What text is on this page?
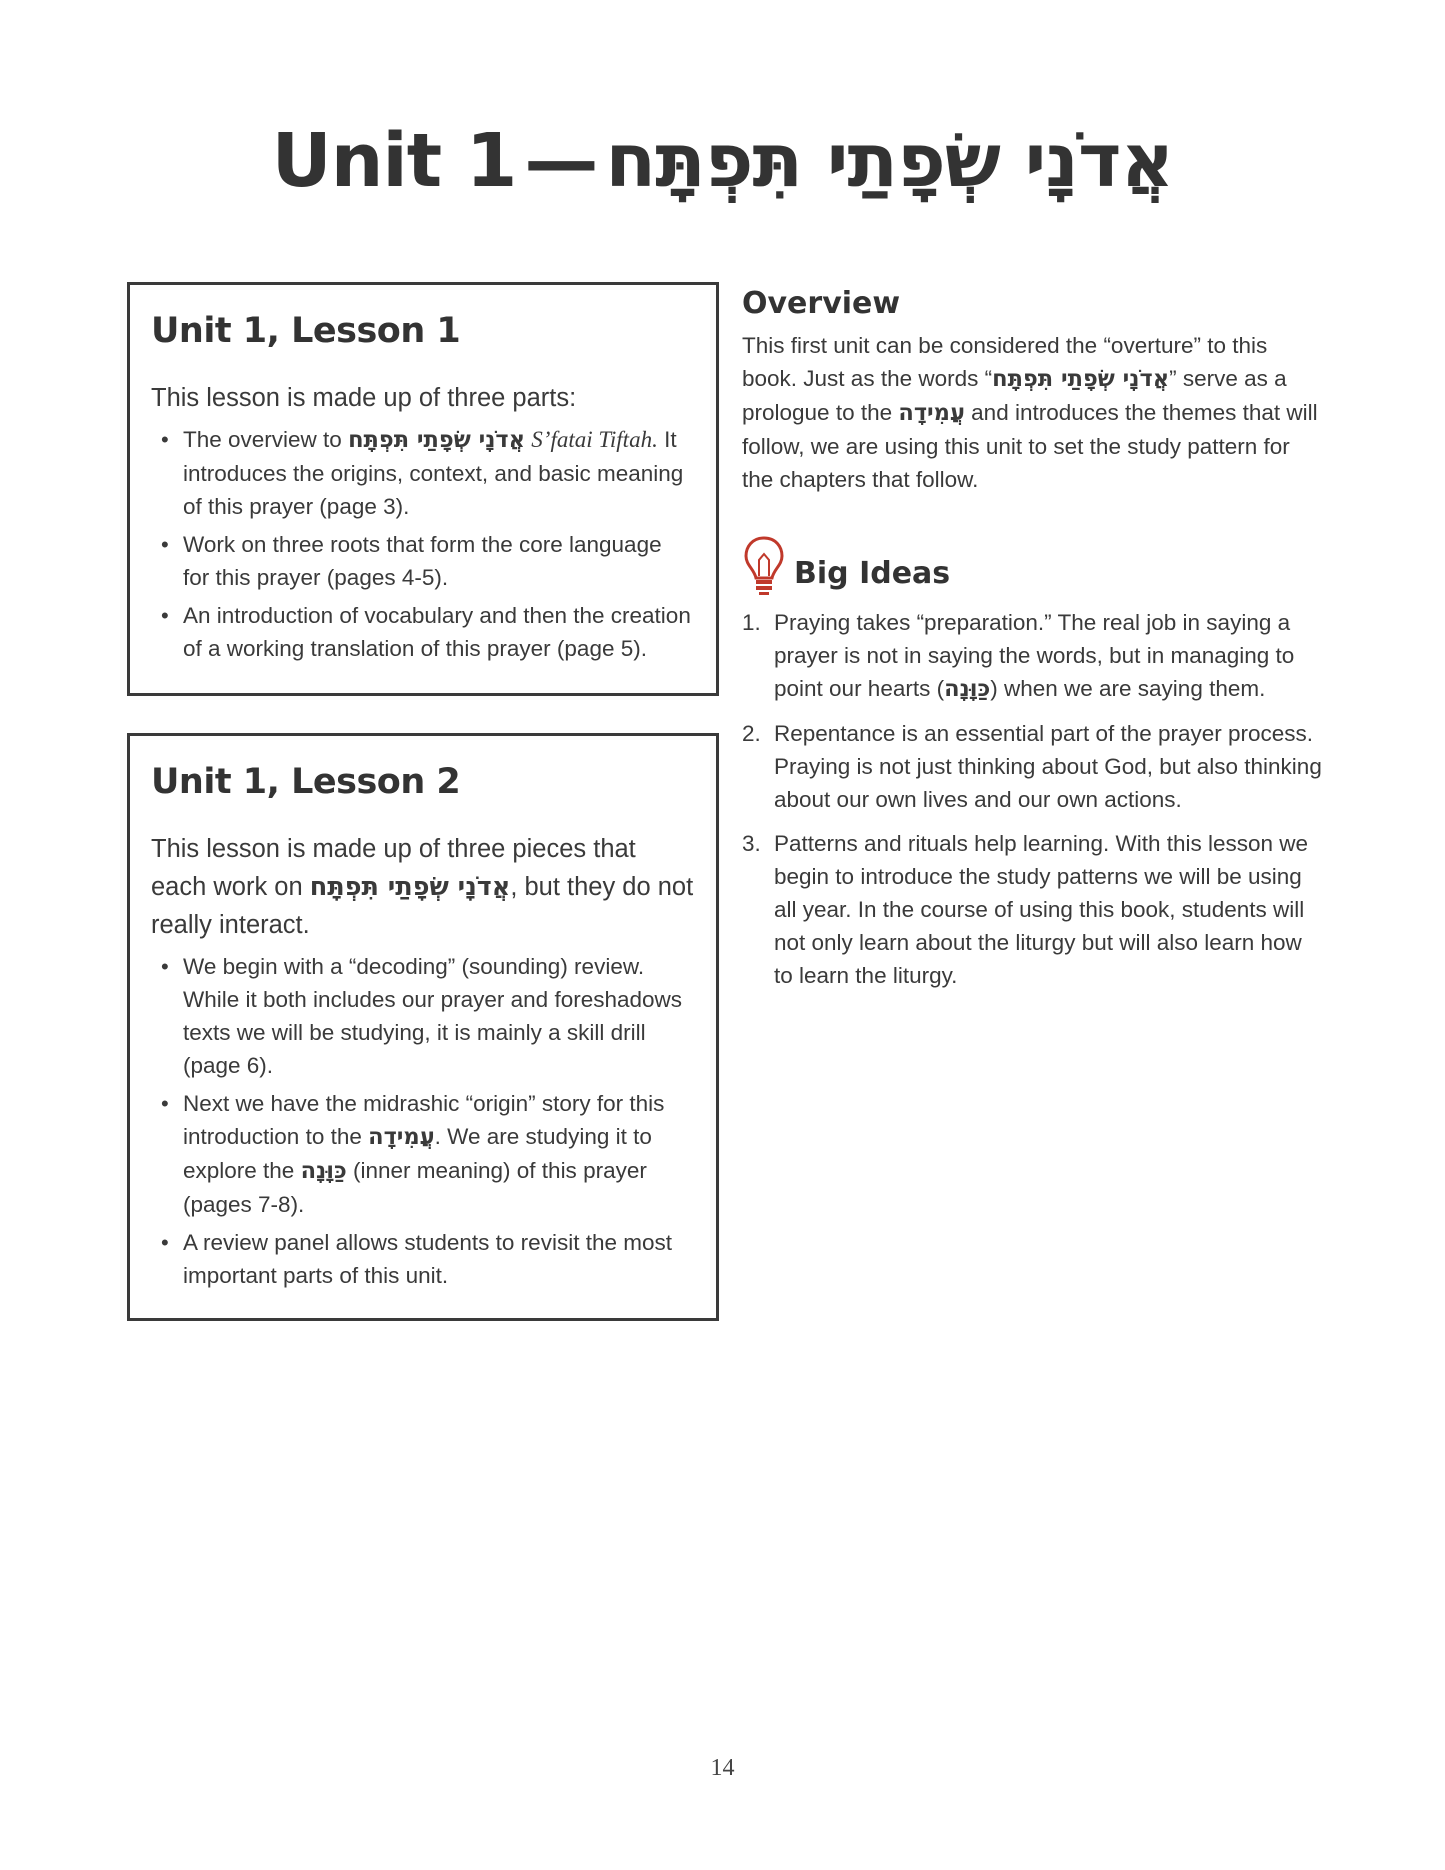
Unit 1 — אֲדֹנָי שְׂפָתַי תִּפְתָּח
Unit 1, Lesson 1

This lesson is made up of three parts:

• The overview to אֲדֹנָי שְׂפָתַי תִּפְתָּח S’fatai Tiftah. It introduces the origins, context, and basic meaning of this prayer (page 3).
• Work on three roots that form the core language for this prayer (pages 4-5).
• An introduction of vocabulary and then the creation of a working translation of this prayer (page 5).
Unit 1, Lesson 2

This lesson is made up of three pieces that each work on אֲדֹנָי שְׂפָתַי תִּפְתָּח, but they do not really interact.

• We begin with a “decoding” (sounding) review. While it both includes our prayer and foreshadows texts we will be studying, it is mainly a skill drill (page 6).
• Next we have the midrashic “origin” story for this introduction to the עֲמִידָה. We are studying it to explore the כַּוָּנָה (inner meaning) of this prayer (pages 7-8).
• A review panel allows students to revisit the most important parts of this unit.
Overview

This first unit can be considered the “overture” to this book. Just as the words “אֲדֹנָי שְׂפָתַי תִּפְתָּח” serve as a prologue to the עֲמִידָה and introduces the themes that will follow, we are using this unit to set the study pattern for the chapters that follow.

Big Ideas
1. Praying takes “preparation.” The real job in saying a prayer is not in saying the words, but in managing to point our hearts (כַּוָּנָה) when we are saying them.
2. Repentance is an essential part of the prayer process. Praying is not just thinking about God, but also thinking about our own lives and our own actions.
3. Patterns and rituals help learning. With this lesson we begin to introduce the study patterns we will be using all year. In the course of using this book, students will not only learn about the liturgy but will also learn how to learn the liturgy.
14
